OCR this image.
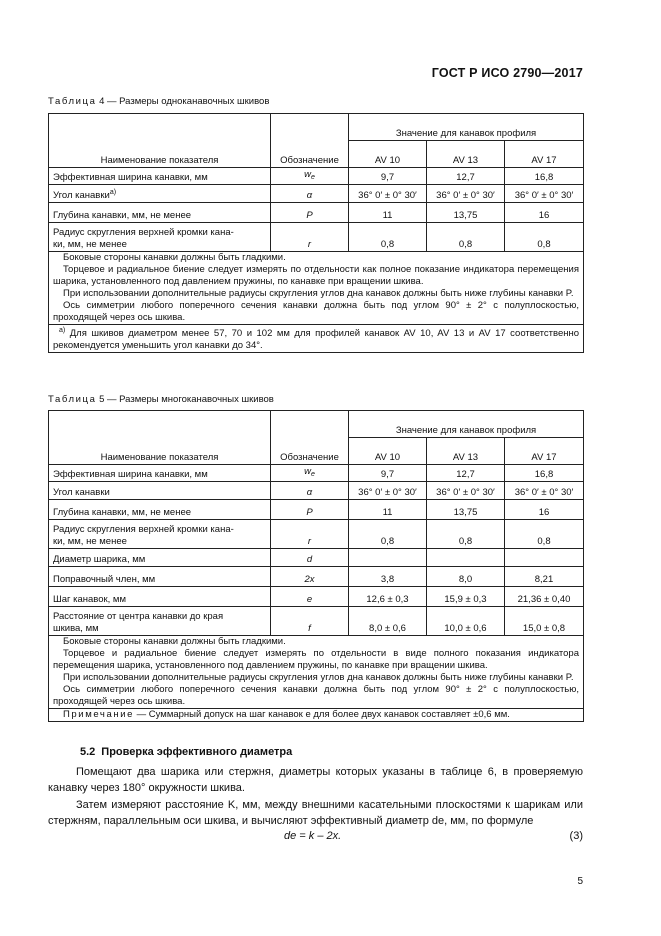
ГОСТ Р ИСО 2790—2017
Таблица 4 — Размеры одноканавочных шкивов
Наименование показателя	Обозначение	Значение для канавок профиля		
		AV 10	AV 13	AV 17
Эффективная ширина канавки, мм	$w_e$	9,7	12,7	16,8
Угол канавки$^{а)}$	α	36° 0′ ± 0° 30′	36° 0′ ± 0° 30′	36° 0′ ± 0° 30′
Глубина канавки, мм, не менее	P	11	13,75	16

Радиус скругления верхней кромки кана-
ки, мм, не менее	r	0,8	0,8	0,8

Боковые стороны канавки должны быть гладкими.

Торцевое и радиальное биение следует измерять по отдельности как полное показание индикатора перемещения шарика, установленного под давлением пружины, по канавке при вращении шкива.

При использовании дополнительные радиусы скругления углов дна канавок должны быть ниже глубины канавки P.

Ось симметрии любого поперечного сечения канавки должна быть под углом 90° ± 2° с полуплоскостью, проходящей через ось шкива.				

$^{а)}$ Для шкивов диаметром менее 57, 70 и 102 мм для профилей канавок AV 10, AV 13 и AV 17 соответственно рекомендуется уменьшить угол канавки до 34°.				

Таблица 5 — Размеры многоканавочных шкивов
Наименование показателя	Обозначение	Значение для канавок профиля		
		AV 10	AV 13	AV 17
Эффективная ширина канавки, мм	$w_e$	9,7	12,7	16,8
Угол канавки	α	36° 0′ ± 0° 30′	36° 0′ ± 0° 30′	36° 0′ ± 0° 30′
Глубина канавки, мм, не менее	P	11	13,75	16

Радиус скругления верхней кромки кана-
ки, мм, не менее	r	0,8	0,8	0,8
Диаметр шарика, мм	d			
Поправочный член, мм	2x	3,8	8,0	8,21
Шаг канавок, мм	e	12,6 ± 0,3	15,9 ± 0,3	21,36 ± 0,40

Расстояние от центра канавки до края
шкива, мм	f	8,0 ± 0,6	10,0 ± 0,6	15,0 ± 0,8

Боковые стороны канавки должны быть гладкими.

Торцевое и радиальное биение следует измерять по отдельности в виде полного показания индикатора перемещения шарика, установленного под давлением пружины, по канавке при вращении шкива.

При использовании дополнительные радиусы скругления углов дна канавок должны быть ниже глубины канавки P.

Ось симметрии любого поперечного сечения канавки должна быть под углом 90° ± 2° с полуплоскостью, проходящей через ось шкива.				

Примечание — Суммарный допуск на шаг канавок e для более двух канавок составляет ±0,6 мм.				

5.2 Проверка эффективного диаметра

Помещают два шарика или стержня, диаметры которых указаны в таблице 6, в проверяемую канавку через 180° окружности шкива.

Затем измеряют расстояние K, мм, между внешними касательными плоскостями к шарикам или стержням, параллельным оси шкива, и вычисляют эффективный диаметр de, мм, по формуле

de = k – 2x.	(3)
5
